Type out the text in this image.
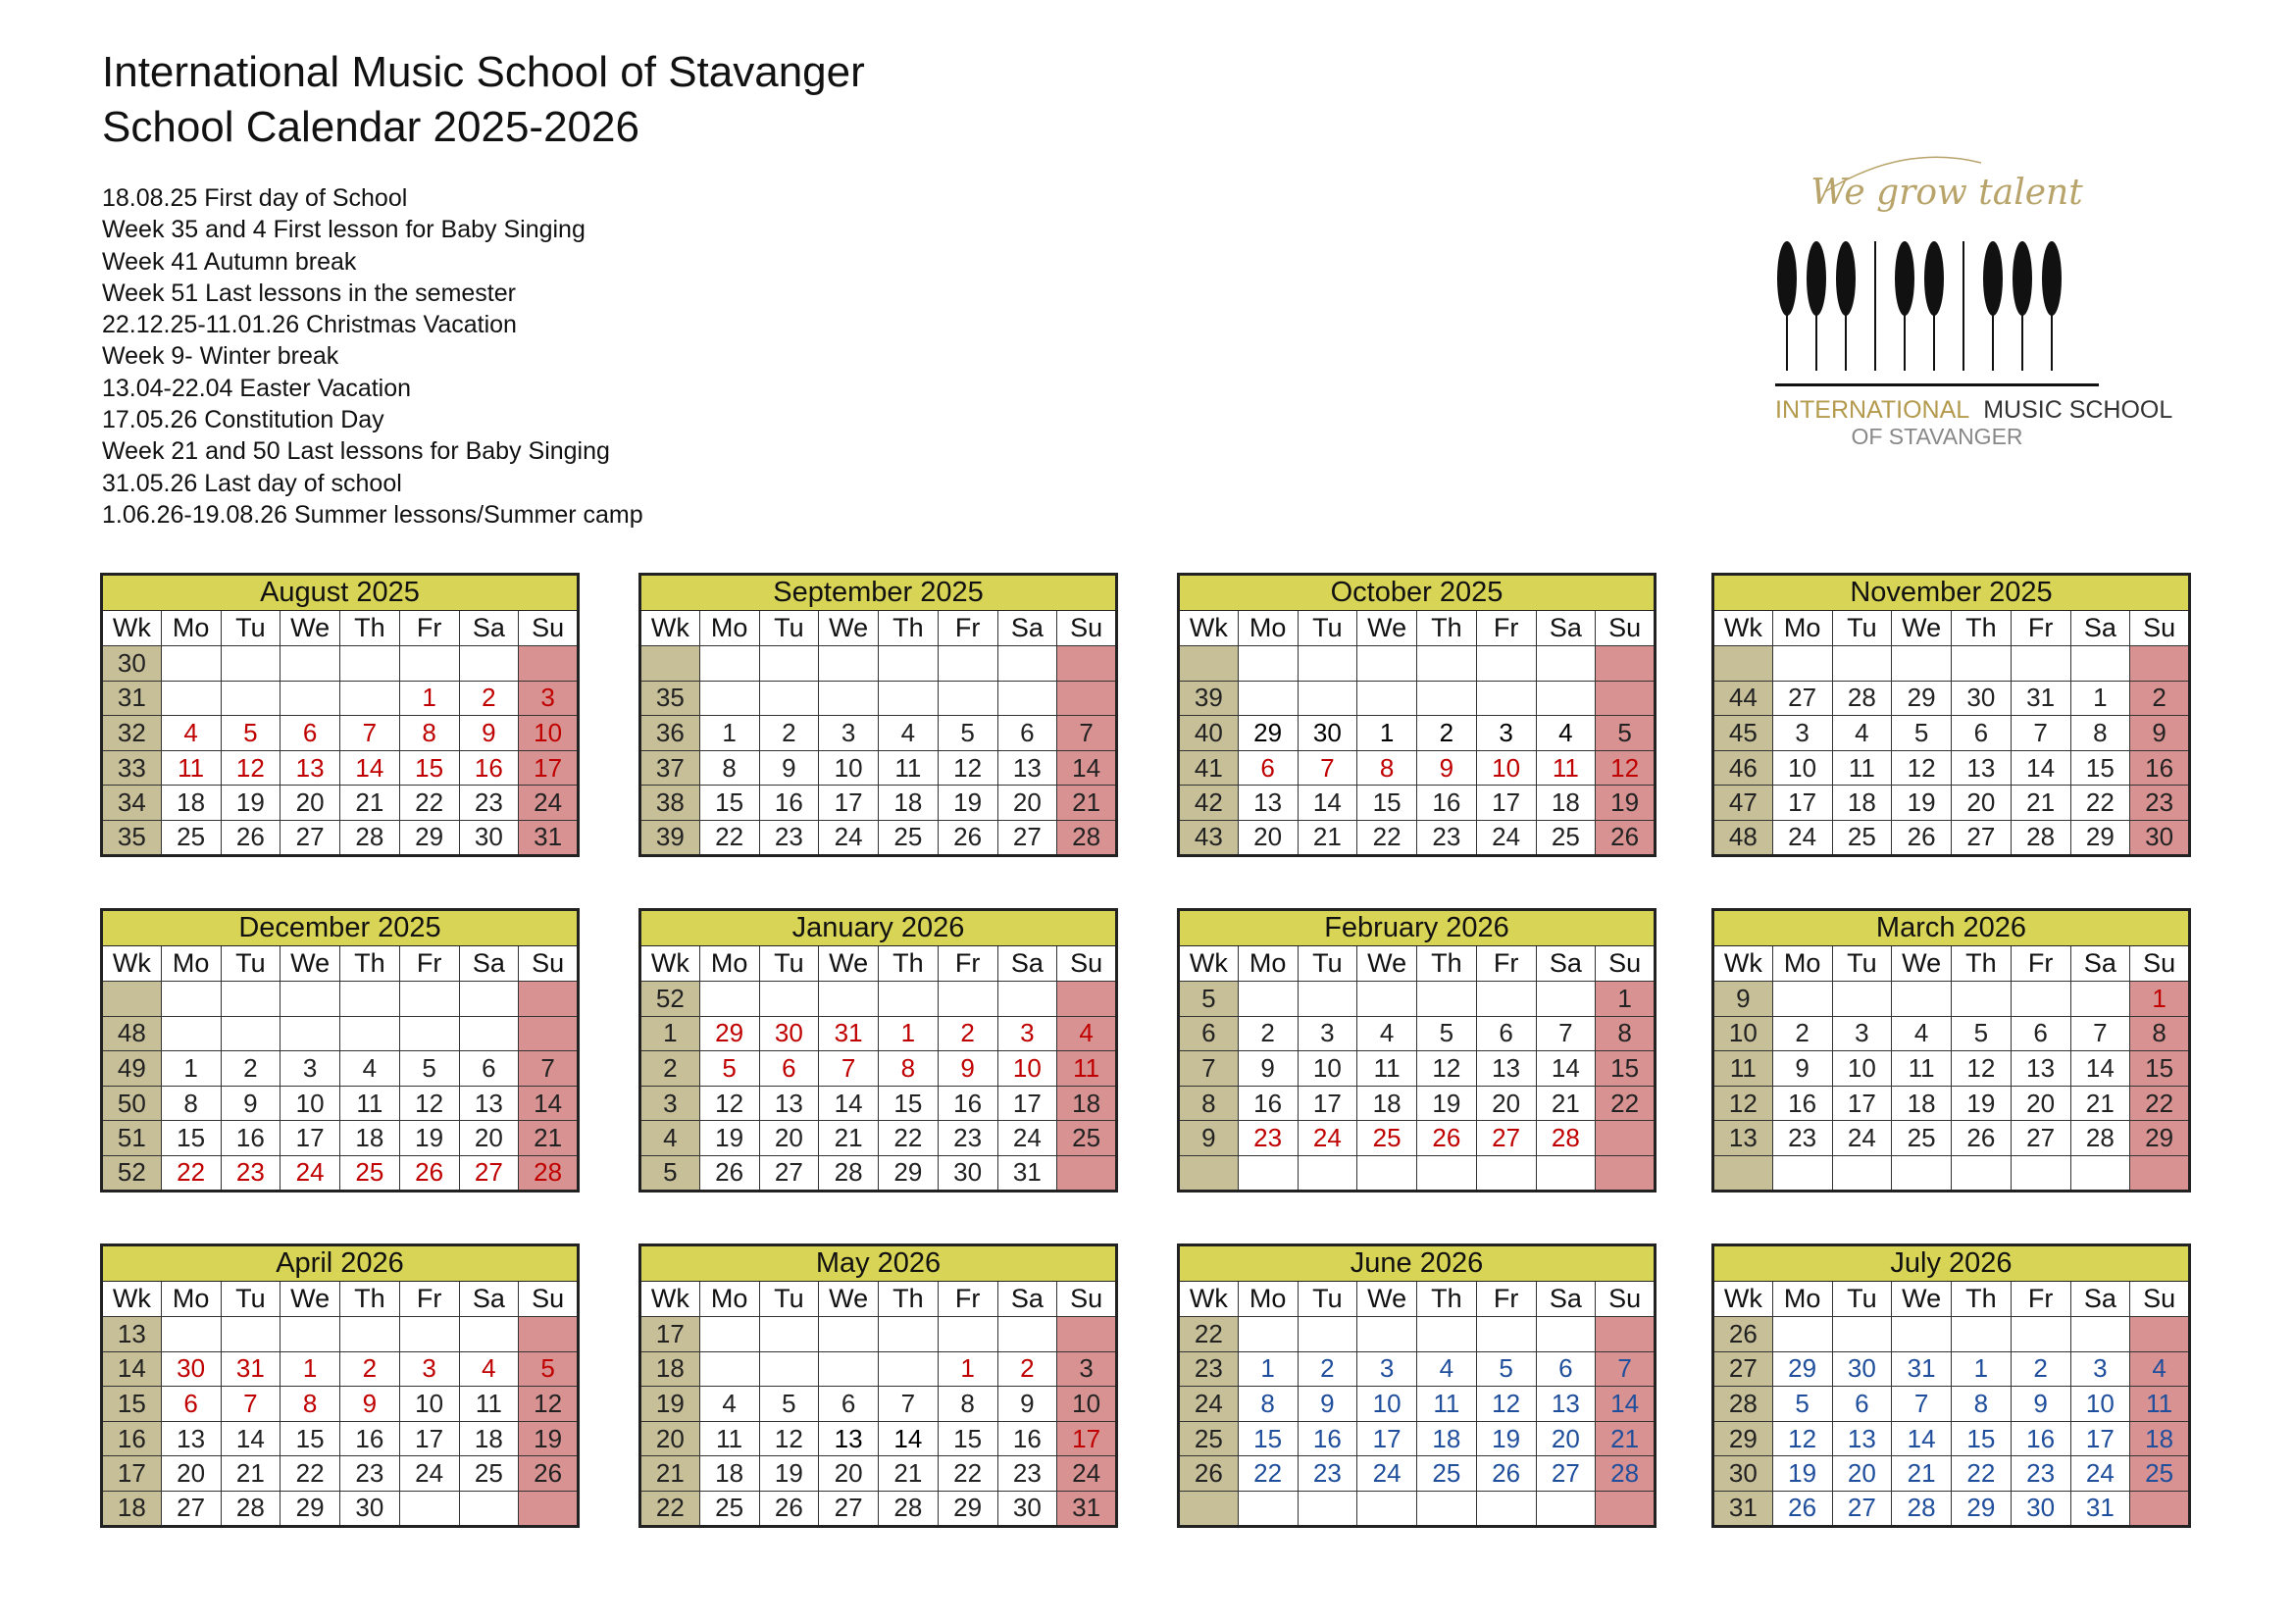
International Music School of Stavanger
School Calendar 2025-2026
18.08.25 First day of School
Week 35 and 4 First lesson for Baby Singing
Week 41 Autumn break
Week 51 Last lessons in the semester
22.12.25-11.01.26 Christmas Vacation
Week 9- Winter break
13.04-22.04 Easter Vacation
17.05.26 Constitution Day
Week 21 and 50 Last lessons for Baby Singing
31.05.26 Last day of school
1.06.26-19.08.26 Summer lessons/Summer camp
We grow talent
INTERNATIONAL MUSIC SCHOOL
OF STAVANGER
August 2025							
Wk	Mo	Tu	We	Th	Fr	Sa	Su
30							
31					1	2	3
32	4	5	6	7	8	9	10
33	11	12	13	14	15	16	17
34	18	19	20	21	22	23	24
35	25	26	27	28	29	30	31
September 2025							
Wk	Mo	Tu	We	Th	Fr	Sa	Su

35							
36	1	2	3	4	5	6	7
37	8	9	10	11	12	13	14
38	15	16	17	18	19	20	21
39	22	23	24	25	26	27	28
October 2025							
Wk	Mo	Tu	We	Th	Fr	Sa	Su

39							
40	29	30	1	2	3	4	5
41	6	7	8	9	10	11	12
42	13	14	15	16	17	18	19
43	20	21	22	23	24	25	26
November 2025							
Wk	Mo	Tu	We	Th	Fr	Sa	Su

44	27	28	29	30	31	1	2
45	3	4	5	6	7	8	9
46	10	11	12	13	14	15	16
47	17	18	19	20	21	22	23
48	24	25	26	27	28	29	30
December 2025							
Wk	Mo	Tu	We	Th	Fr	Sa	Su

48							
49	1	2	3	4	5	6	7
50	8	9	10	11	12	13	14
51	15	16	17	18	19	20	21
52	22	23	24	25	26	27	28
January 2026							
Wk	Mo	Tu	We	Th	Fr	Sa	Su
52							
1	29	30	31	1	2	3	4
2	5	6	7	8	9	10	11
3	12	13	14	15	16	17	18
4	19	20	21	22	23	24	25
5	26	27	28	29	30	31	
February 2026							
Wk	Mo	Tu	We	Th	Fr	Sa	Su
5							1
6	2	3	4	5	6	7	8
7	9	10	11	12	13	14	15
8	16	17	18	19	20	21	22
9	23	24	25	26	27	28	

March 2026							
Wk	Mo	Tu	We	Th	Fr	Sa	Su
9							1
10	2	3	4	5	6	7	8
11	9	10	11	12	13	14	15
12	16	17	18	19	20	21	22
13	23	24	25	26	27	28	29

April 2026							
Wk	Mo	Tu	We	Th	Fr	Sa	Su
13							
14	30	31	1	2	3	4	5
15	6	7	8	9	10	11	12
16	13	14	15	16	17	18	19
17	20	21	22	23	24	25	26
18	27	28	29	30			
May 2026							
Wk	Mo	Tu	We	Th	Fr	Sa	Su
17							
18					1	2	3
19	4	5	6	7	8	9	10
20	11	12	13	14	15	16	17
21	18	19	20	21	22	23	24
22	25	26	27	28	29	30	31
June 2026							
Wk	Mo	Tu	We	Th	Fr	Sa	Su
22							
23	1	2	3	4	5	6	7
24	8	9	10	11	12	13	14
25	15	16	17	18	19	20	21
26	22	23	24	25	26	27	28

July 2026							
Wk	Mo	Tu	We	Th	Fr	Sa	Su
26							
27	29	30	31	1	2	3	4
28	5	6	7	8	9	10	11
29	12	13	14	15	16	17	18
30	19	20	21	22	23	24	25
31	26	27	28	29	30	31	
